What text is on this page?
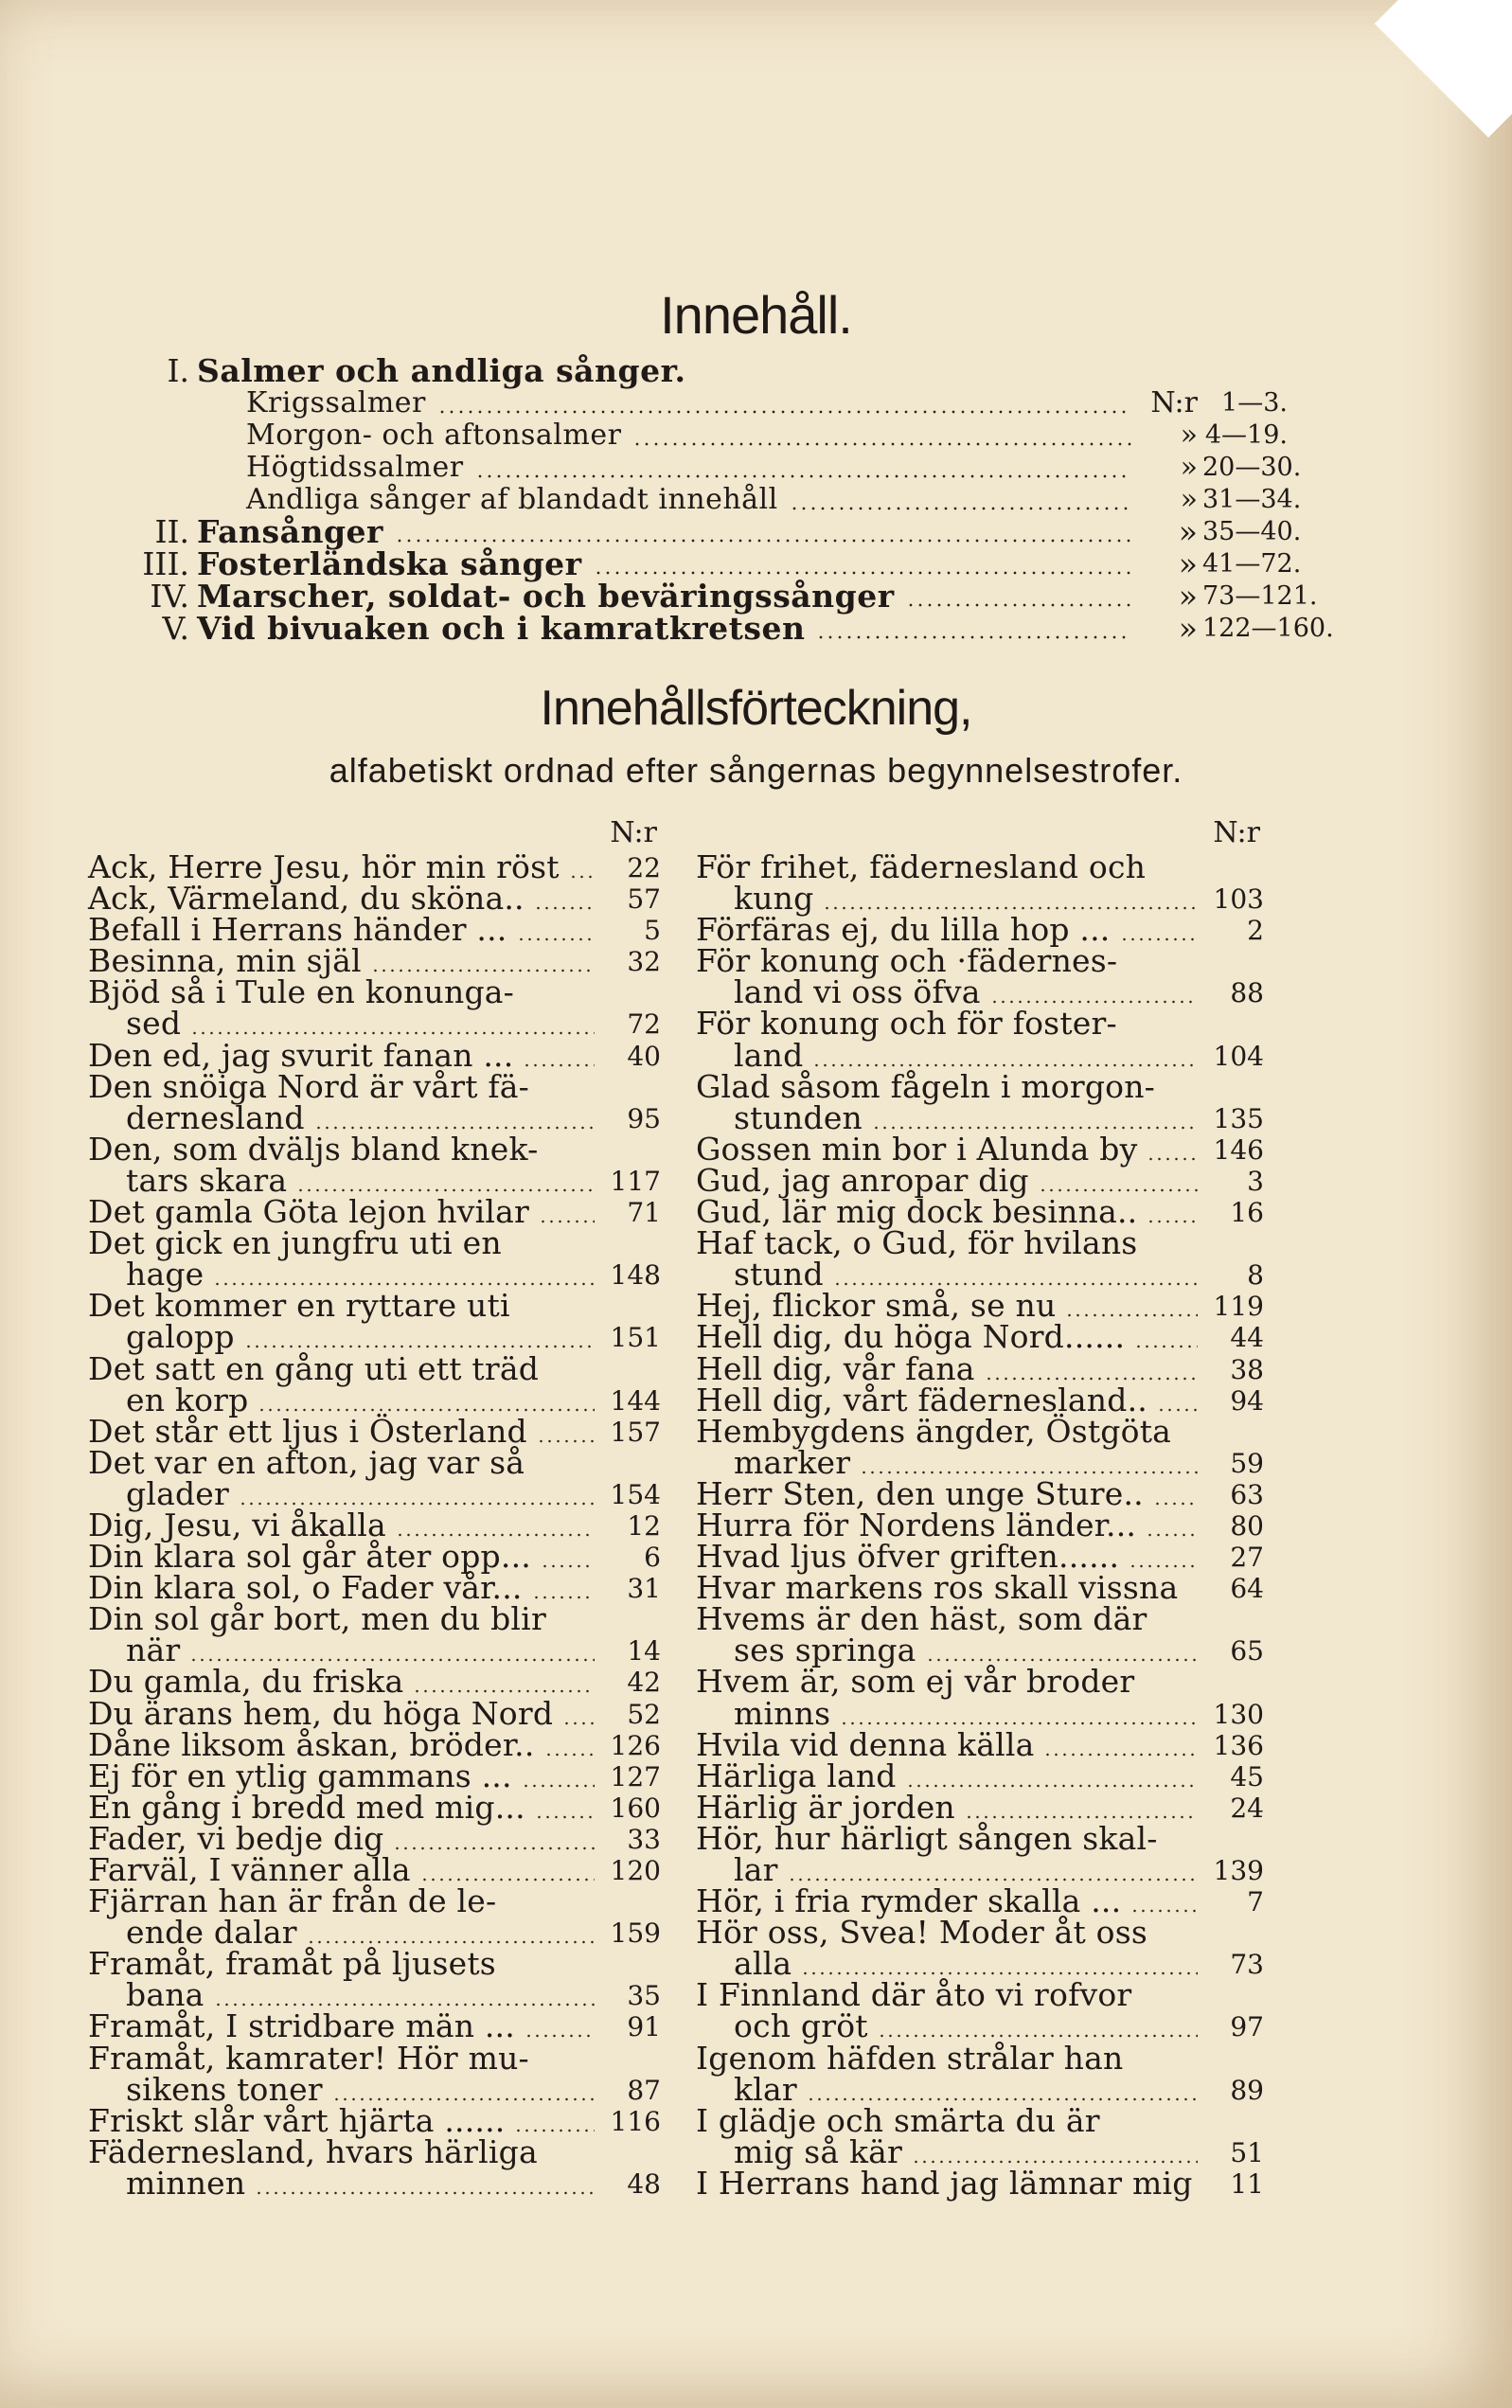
Innehåll.
I. Salmer och andliga sånger.
Krigssalmer	N:r 1—3.
Morgon- och aftonsalmer	» 4—19.
Högtidssalmer	» 20—30.
Andliga sånger af blandadt innehåll	» 31—34.
II. Fansånger	» 35—40.
III. Fosterländska sånger	» 41—72.
IV. Marscher, soldat- och beväringssånger	» 73—121.
V. Vid bivuaken och i kamratkretsen	» 122—160.
Innehållsförteckning,
alfabetiskt ordnad efter sångernas begynnelsestrofer.
N:r
Ack, Herre Jesu, hör min röst	22
Ack, Värmeland, du sköna..	57
Befall i Herrans händer ...	5
Besinna, min själ	32
Bjöd så i Tule en konunga-
sed	72
Den ed, jag svurit fanan ...	40
Den snöiga Nord är vårt fä-
dernesland	95
Den, som dväljs bland knek-
tars skara	117
Det gamla Göta lejon hvilar	71
Det gick en jungfru uti en
hage	148
Det kommer en ryttare uti
galopp	151
Det satt en gång uti ett träd
en korp	144
Det står ett ljus i Österland	157
Det var en afton, jag var så
glader	154
Dig, Jesu, vi åkalla	12
Din klara sol går åter opp...	6
Din klara sol, o Fader vår...	31
Din sol går bort, men du blir
när	14
Du gamla, du friska	42
Du ärans hem, du höga Nord	52
Dåne liksom åskan, bröder..	126
Ej för en ytlig gammans ...	127
En gång i bredd med mig...	160
Fader, vi bedje dig	33
Farväl, I vänner alla	120
Fjärran han är från de le-
ende dalar	159
Framåt, framåt på ljusets
bana	35
Framåt, I stridbare män ...	91
Framåt, kamrater! Hör mu-
sikens toner	87
Friskt slår vårt hjärta ......	116
Fädernesland, hvars härliga
minnen	48
N:r
För frihet, fädernesland och
kung	103
Förfäras ej, du lilla hop ...	2
För konung och ·fädernes-
land vi oss öfva	88
För konung och för foster-
land	104
Glad såsom fågeln i morgon-
stunden	135
Gossen min bor i Alunda by	146
Gud, jag anropar dig	3
Gud, lär mig dock besinna..	16
Haf tack, o Gud, för hvilans
stund	8
Hej, flickor små, se nu	119
Hell dig, du höga Nord......	44
Hell dig, vår fana	38
Hell dig, vårt fädernesland..	94
Hembygdens ängder, Östgöta
marker	59
Herr Sten, den unge Sture..	63
Hurra för Nordens länder...	80
Hvad ljus öfver griften......	27
Hvar markens ros skall vissna	64
Hvems är den häst, som där
ses springa	65
Hvem är, som ej vår broder
minns	130
Hvila vid denna källa	136
Härliga land	45
Härlig är jorden	24
Hör, hur härligt sången skal-
lar	139
Hör, i fria rymder skalla ...	7
Hör oss, Svea! Moder åt oss
alla	73
I Finnland där åto vi rofvor
och gröt	97
Igenom häfden strålar han
klar	89
I glädje och smärta du är
mig så kär	51
I Herrans hand jag lämnar mig	11
